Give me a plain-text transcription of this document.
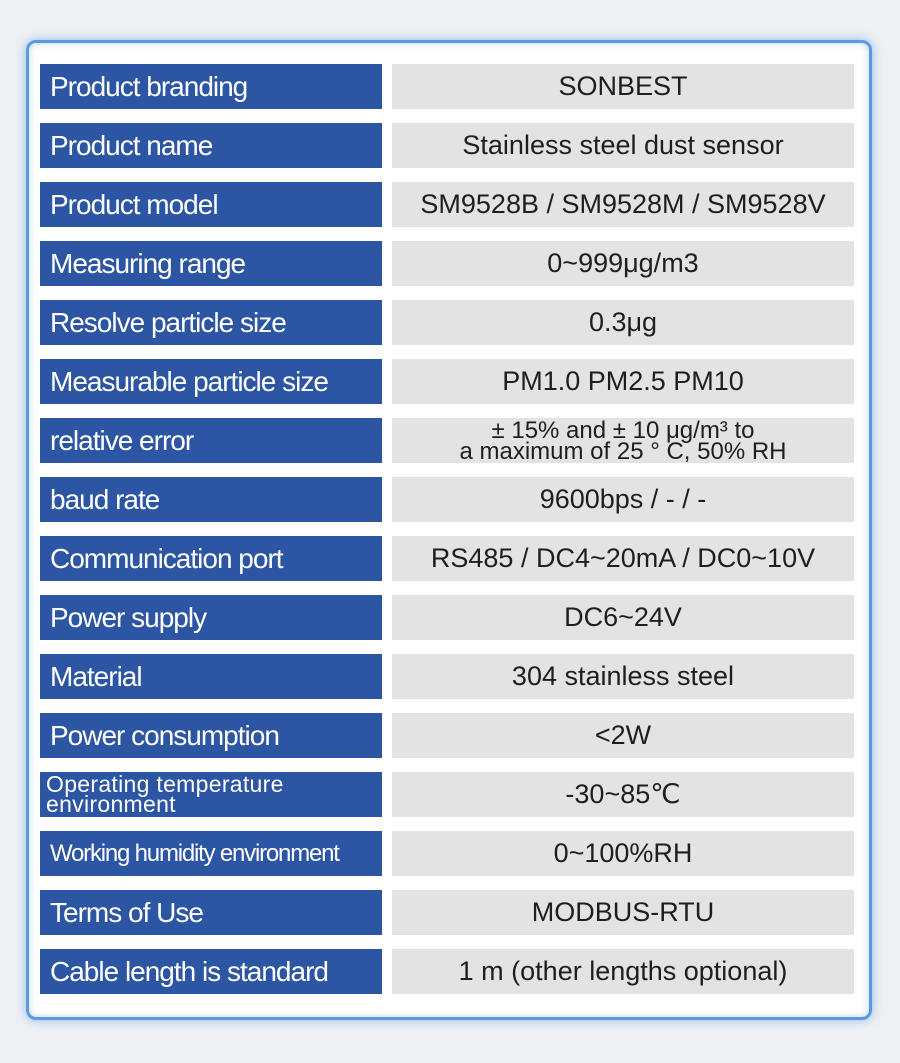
Product branding	SONBEST
Product name	Stainless steel dust sensor
Product model	SM9528B / SM9528M / SM9528V
Measuring range	0~999μg/m3
Resolve particle size	0.3μg
Measurable particle size	PM1.0 PM2.5 PM10
relative error	± 15% and ± 10 μg/m³ to
a maximum of 25 ° C, 50% RH
baud rate	9600bps / - / -
Communication port	RS485 / DC4~20mA / DC0~10V
Power supply	DC6~24V
Material	304 stainless steel
Power consumption	<2W
Operating temperature
environment	-30~85℃
Working humidity environment	0~100%RH
Terms of Use	MODBUS-RTU
Cable length is standard	1 m (other lengths optional)
